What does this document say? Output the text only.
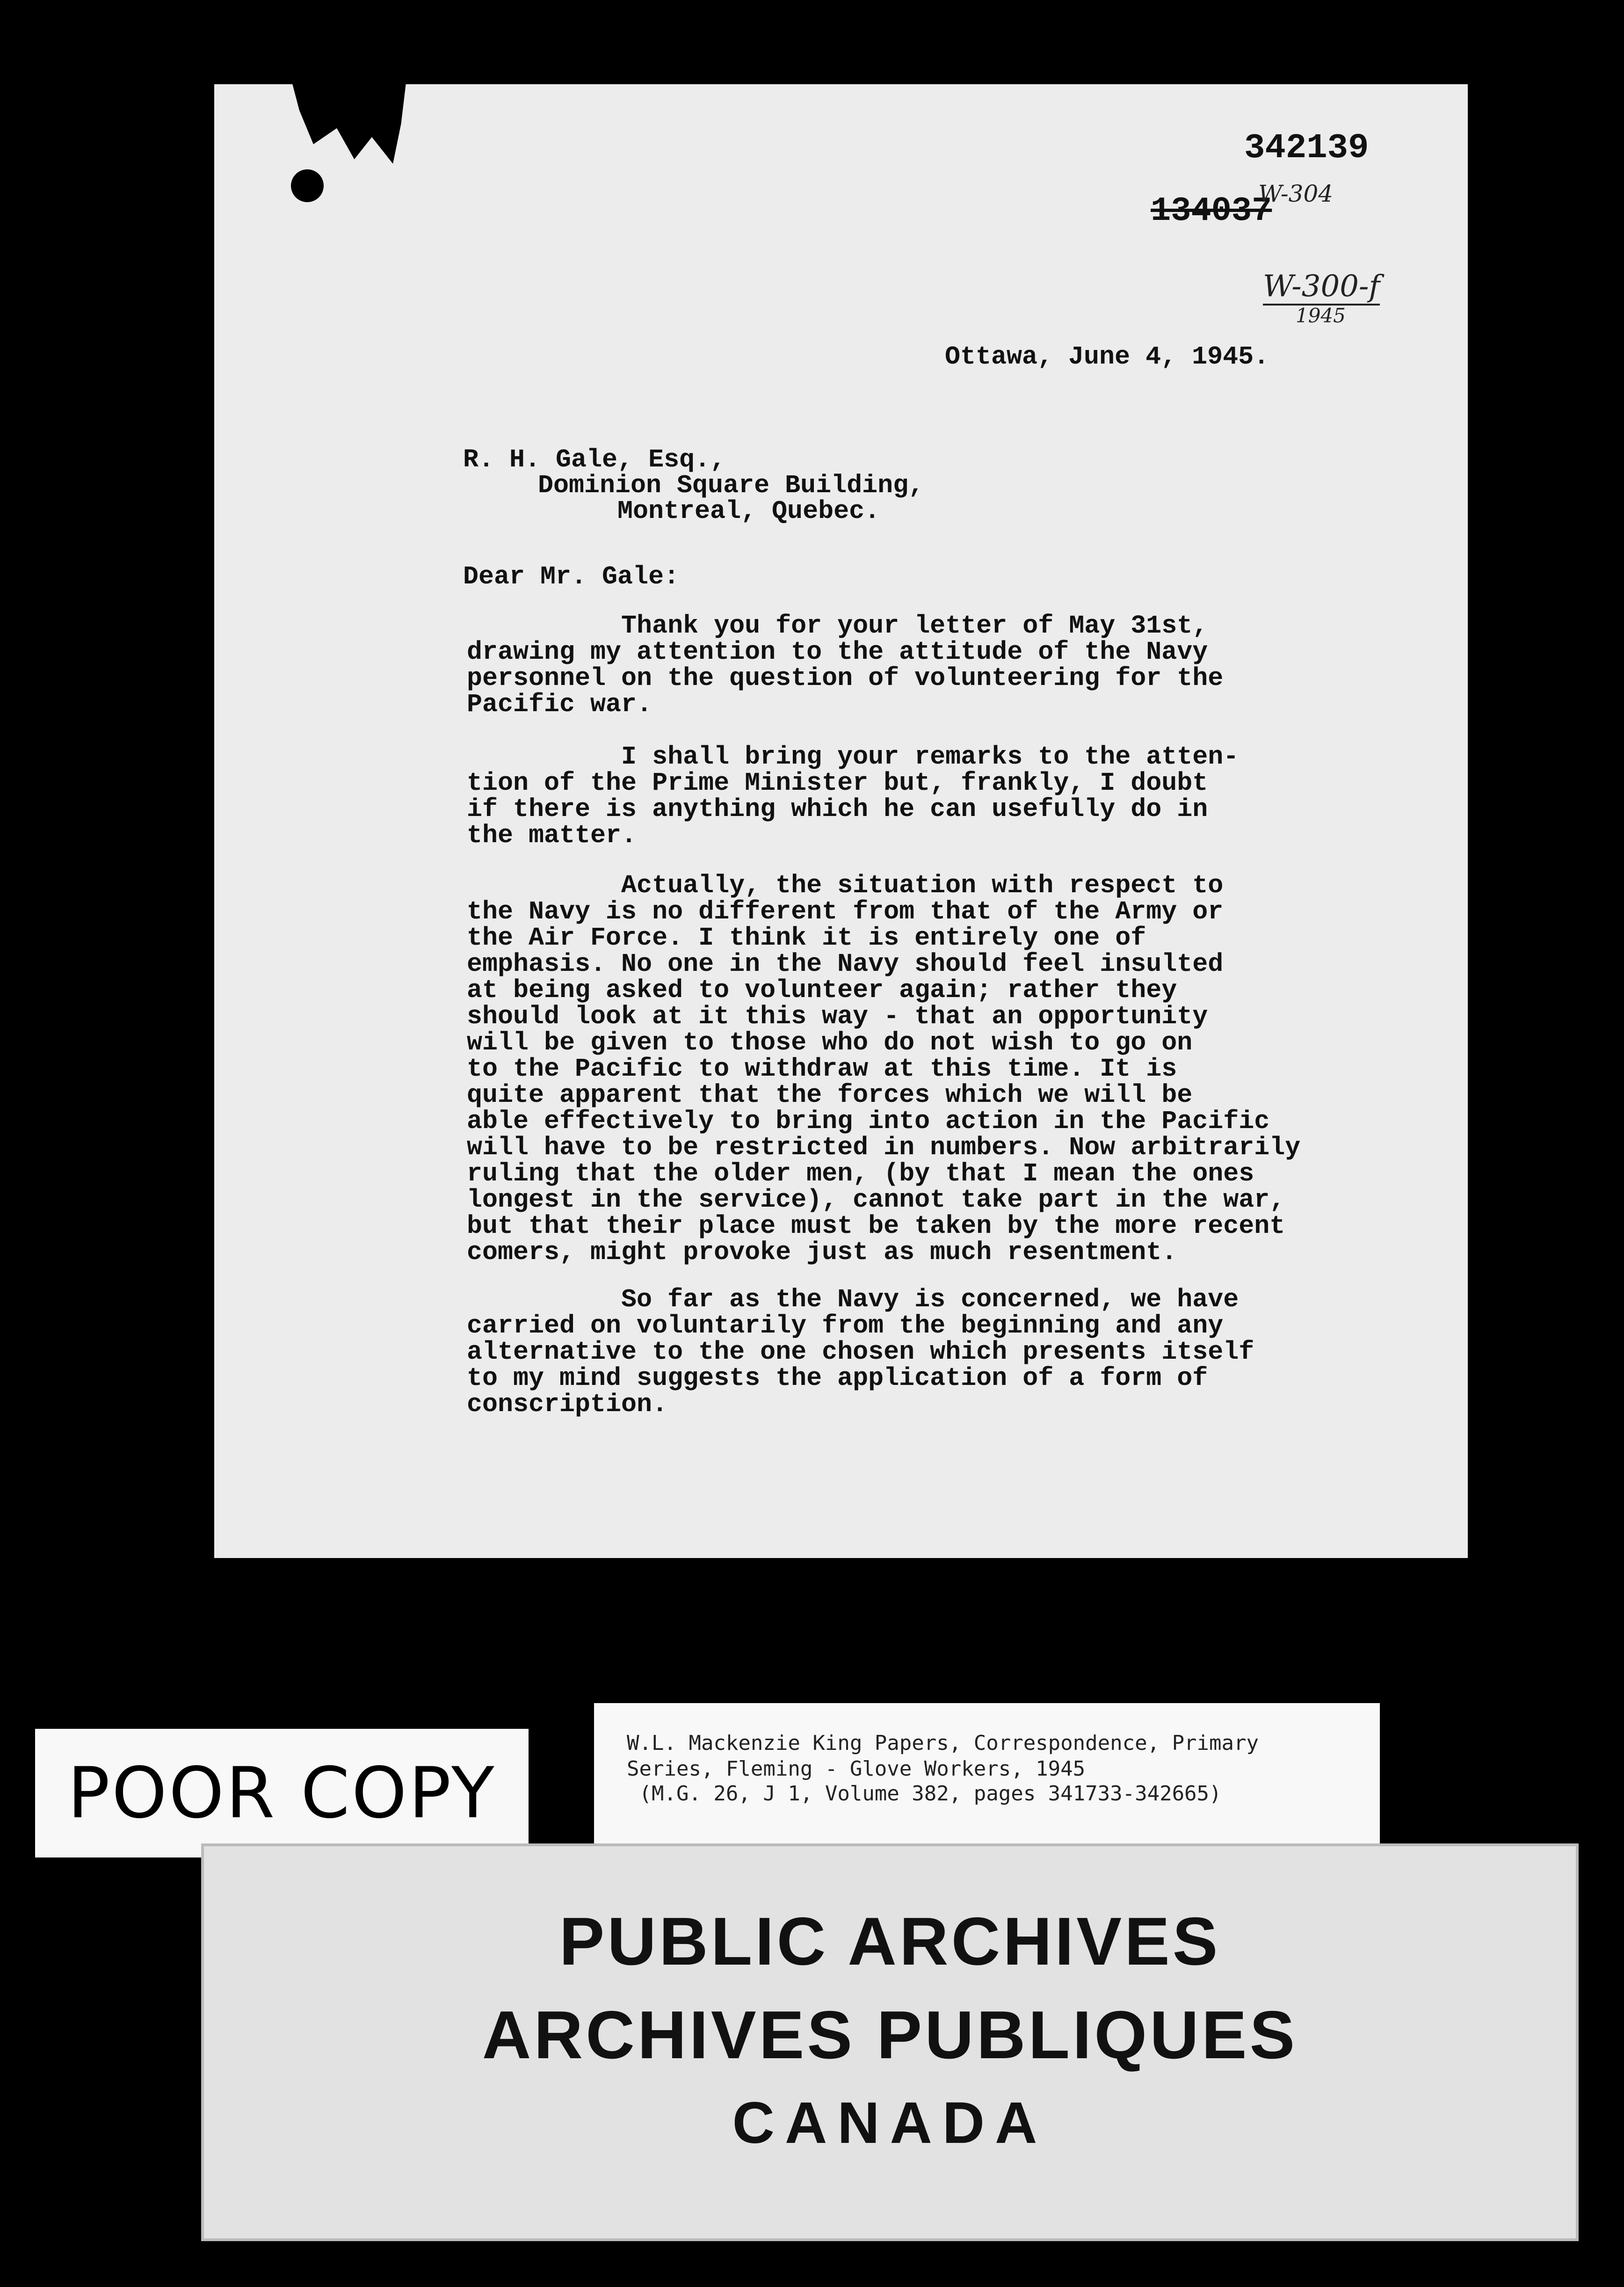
342139
134037
W-304
W-300-f
1945
Ottawa, June 4, 1945.
R. H. Gale, Esq.,
Dominion Square Building,
Montreal, Quebec.
Dear Mr. Gale:
Thank you for your letter of May 31st,
drawing my attention to the attitude of the Navy
personnel on the question of volunteering for the
Pacific war.
I shall bring your remarks to the atten-
tion of the Prime Minister but, frankly, I doubt
if there is anything which he can usefully do in
the matter.
Actually, the situation with respect to
the Navy is no different from that of the Army or
the Air Force. I think it is entirely one of
emphasis. No one in the Navy should feel insulted
at being asked to volunteer again; rather they
should look at it this way - that an opportunity
will be given to those who do not wish to go on
to the Pacific to withdraw at this time. It is
quite apparent that the forces which we will be
able effectively to bring into action in the Pacific
will have to be restricted in numbers. Now arbitrarily
ruling that the older men, (by that I mean the ones
longest in the service), cannot take part in the war,
but that their place must be taken by the more recent
comers, might provoke just as much resentment.
So far as the Navy is concerned, we have
carried on voluntarily from the beginning and any
alternative to the one chosen which presents itself
to my mind suggests the application of a form of
conscription.
POOR COPY
W.L. Mackenzie King Papers, Correspondence, Primary
Series, Fleming - Glove Workers, 1945
(M.G. 26, J 1, Volume 382, pages 341733-342665)
PUBLIC ARCHIVES
ARCHIVES PUBLIQUES
CANADA
